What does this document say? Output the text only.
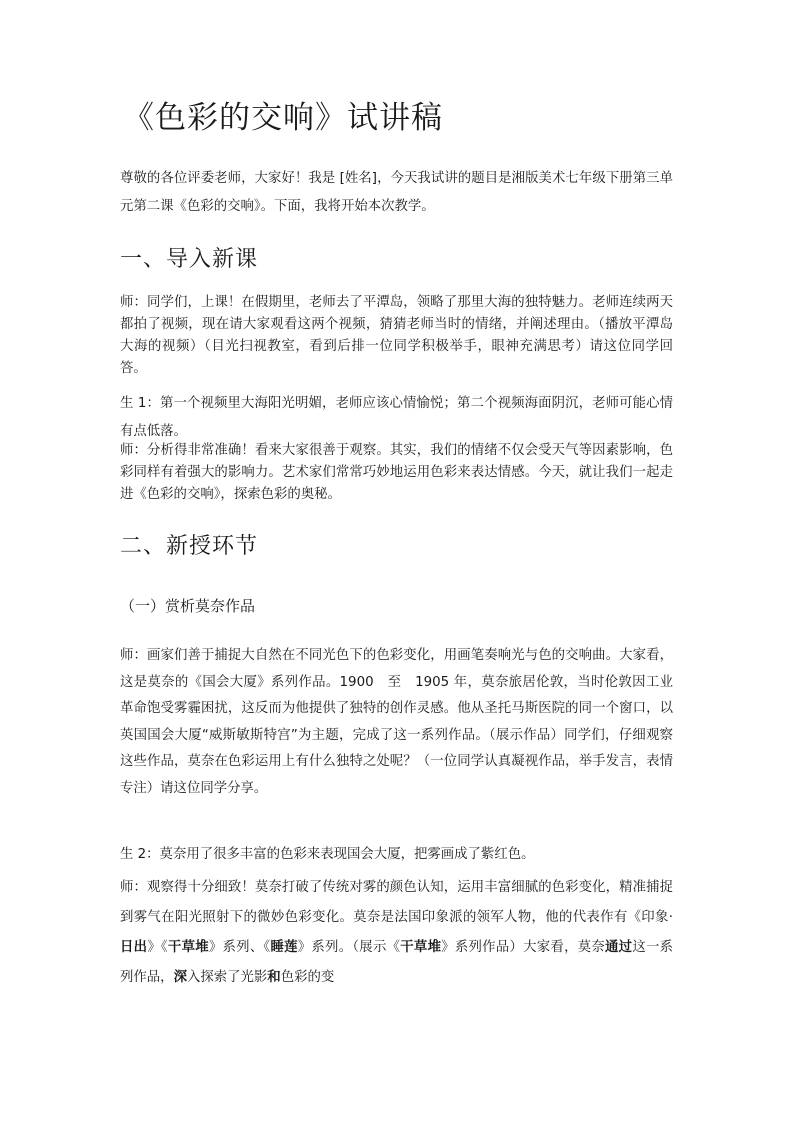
《色彩的交响》试讲稿

尊敬的各位评委老师，大家好！我是 [姓名]，今天我试讲的题目是湘版美术七年级下册第三单元第二课《色彩的交响》。下面，我将开始本次教学。

一、导入新课

师：同学们，上课！在假期里，老师去了平潭岛，领略了那里大海的独特魅力。老师连续两天都拍了视频，现在请大家观看这两个视频，猜猜老师当时的情绪，并阐述理由。（播放平潭岛大海的视频）（目光扫视教室，看到后排一位同学积极举手，眼神充满思考）请这位同学回答。

生 1：第一个视频里大海阳光明媚，老师应该心情愉悦；第二个视频海面阴沉，老师可能心情有点低落。

师：分析得非常准确！看来大家很善于观察。其实，我们的情绪不仅会受天气等因素影响，色彩同样有着强大的影响力。艺术家们常常巧妙地运用色彩来表达情感。今天，就让我们一起走进《色彩的交响》，探索色彩的奥秘。

二、新授环节
（一）赏析莫奈作品

师：画家们善于捕捉大自然在不同光色下的色彩变化，用画笔奏响光与色的交响曲。大家看，这是莫奈的《国会大厦》系列作品。1900　至　1905 年，莫奈旅居伦敦，当时伦敦因工业革命饱受雾霾困扰，这反而为他提供了独特的创作灵感。他从圣托马斯医院的同一个窗口，以英国国会大厦“威斯敏斯特宫”为主题，完成了这一系列作品。（展示作品）同学们，仔细观察这些作品，莫奈在色彩运用上有什么独特之处呢？（一位同学认真凝视作品，举手发言，表情专注）请这位同学分享。

生 2：莫奈用了很多丰富的色彩来表现国会大厦，把雾画成了紫红色。

师：观察得十分细致！莫奈打破了传统对雾的颜色认知，运用丰富细腻的色彩变化，精准捕捉到雾气在阳光照射下的微妙色彩变化。莫奈是法国印象派的领军人物，他的代表作有《印象·日出》《干草堆》系列、《睡莲》系列。（展示《干草堆》系列作品）大家看，莫奈通过这一系列作品，深入探索了光影和色彩的变
